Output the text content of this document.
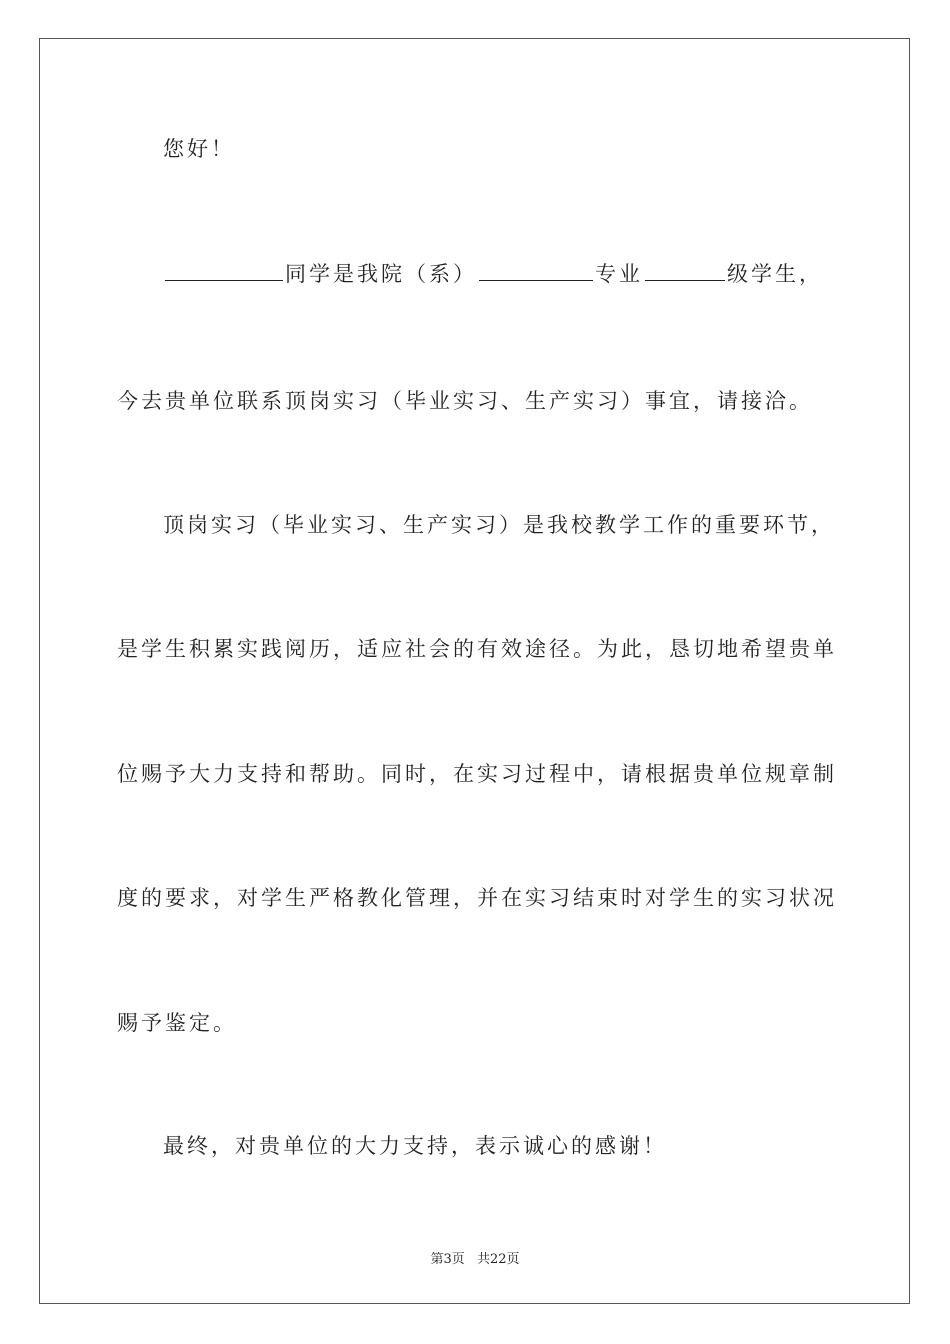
您好！
同学是我院（系）	专业	级学生，
今去贵单位联系顶岗实习（毕业实习、生产实习）事宜，请接洽。
顶岗实习（毕业实习、生产实习）是我校教学工作的重要环节，
是学生积累实践阅历，适应社会的有效途径。为此，恳切地希望贵单
位赐予大力支持和帮助。同时，在实习过程中，请根据贵单位规章制
度的要求，对学生严格教化管理，并在实习结束时对学生的实习状况
赐予鉴定。
最终，对贵单位的大力支持，表示诚心的感谢！
第3页 共22页
